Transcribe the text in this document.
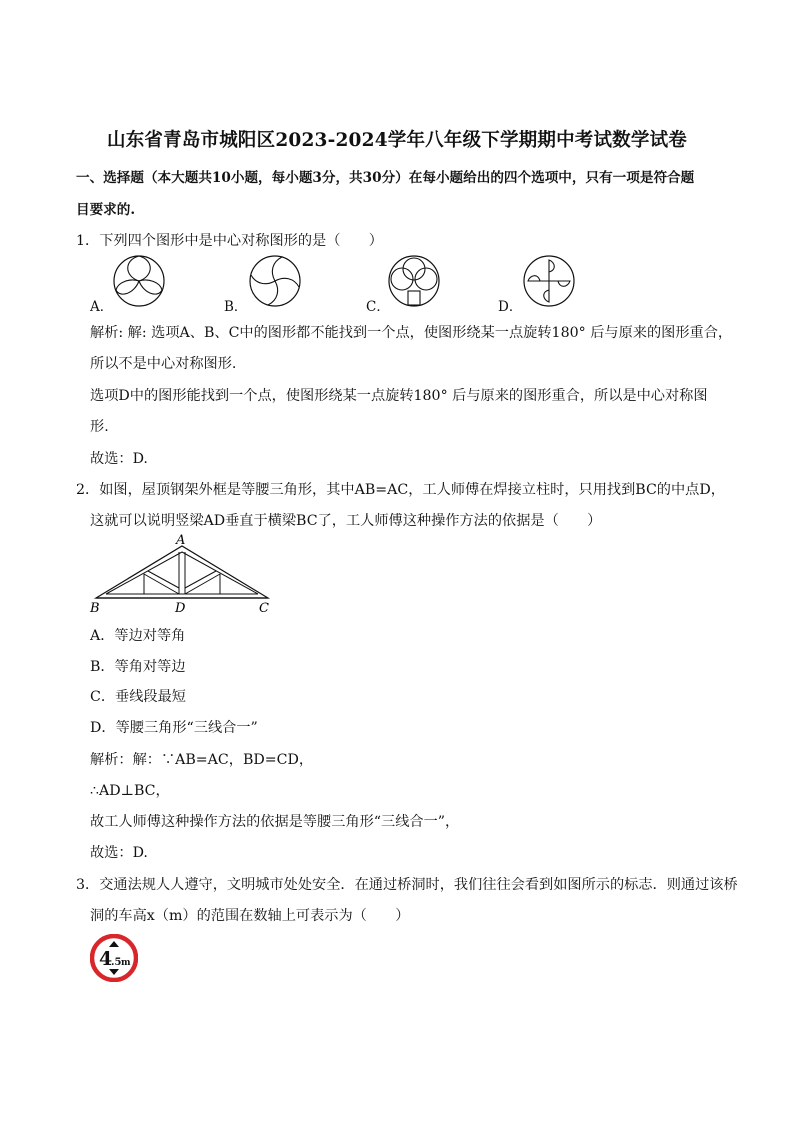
山东省青岛市城阳区2023-2024学年八年级下学期期中考试数学试卷
一、选择题（本大题共10小题，每小题3分，共30分）在每小题给出的四个选项中，只有一项是符合题
目要求的.
1．下列四个图形中是中心对称图形的是（　　）
A．	B．	C．	D．
解析: 解: 选项A、B、C中的图形都不能找到一个点，使图形绕某一点旋转180° 后与原来的图形重合，
所以不是中心对称图形.
选项D中的图形能找到一个点，使图形绕某一点旋转180° 后与原来的图形重合，所以是中心对称图
形.
故选：D.
2．如图，屋顶钢架外框是等腰三角形，其中AB=AC，工人师傅在焊接立柱时，只用找到BC的中点D，
这就可以说明竖梁AD垂直于横梁BC了，工人师傅这种操作方法的依据是（　　）
A
B	D	C
A．等边对等角
B．等角对等边
C．垂线段最短
D．等腰三角形“三线合一”
解析：解：∵AB=AC，BD=CD，
∴AD⊥BC，
故工人师傅这种操作方法的依据是等腰三角形“三线合一”，
故选：D.
3．交通法规人人遵守，文明城市处处安全．在通过桥洞时，我们往往会看到如图所示的标志．则通过该桥
洞的车高x（m）的范围在数轴上可表示为（　　）
4
.5 m
